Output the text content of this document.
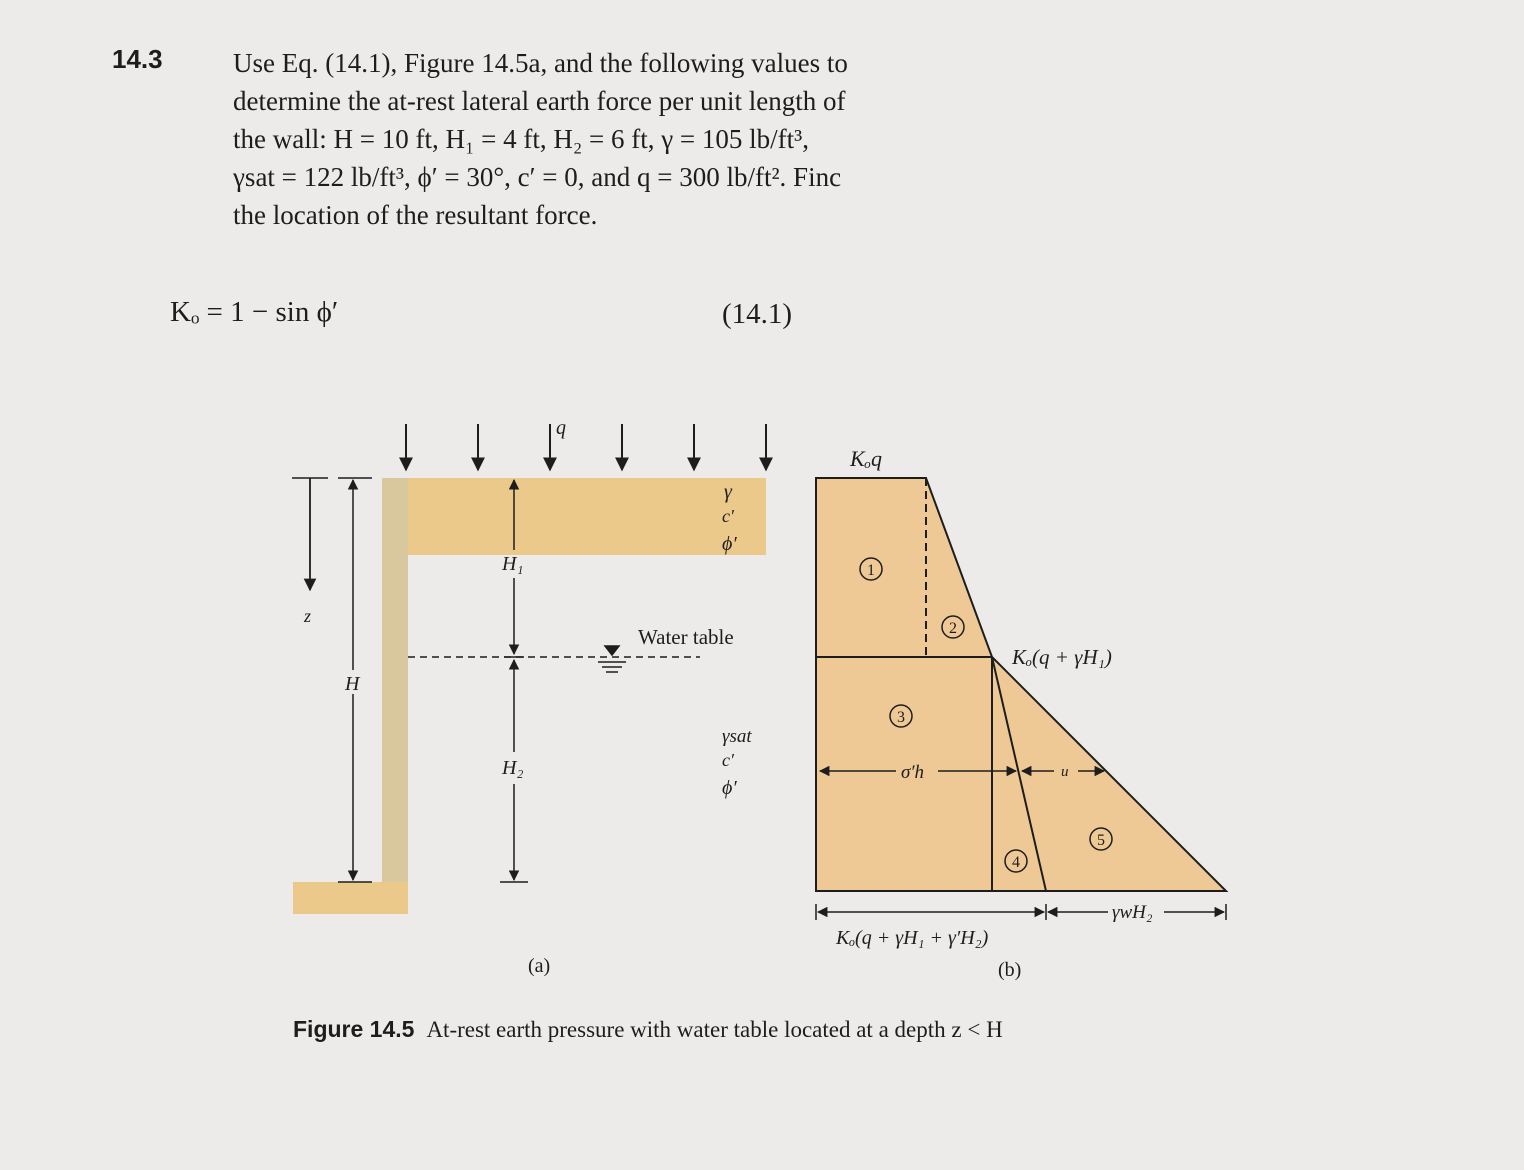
14.3	Use Eq. (14.1), Figure 14.5a, and the following values to
determine the at-rest lateral earth force per unit length of
the wall: H = 10 ft, H₁ = 4 ft, H₂ = 6 ft, γ = 105 lb/ft³,
γsat = 122 lb/ft³, ϕ′ = 30°, c′ = 0, and q = 300 lb/ft². Finc
the location of the resultant force.
Kₒ = 1 − sin ϕ′	(14.1)
q
γ
c′
ϕ′
z
H
H₁
Water table
H₂
γsat
c′
ϕ′
(a)
Kₒq
Kₒ(q + γH₁)
1
2
3
4
5
σ′h	u
γwH₂
Kₒ(q + γH₁ + γ′H₂)
(b)
Figure 14.5 At-rest earth pressure with water table located at a depth z < H
